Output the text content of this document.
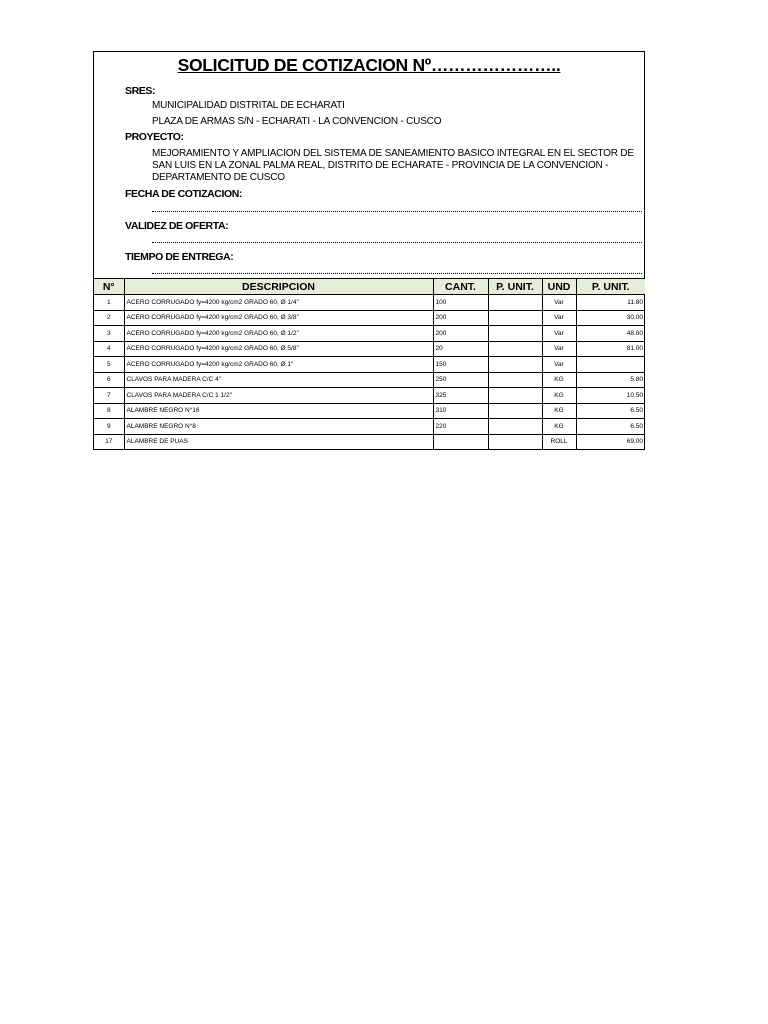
SOLICITUD DE COTIZACION Nº…………………..
SRES:
MUNICIPALIDAD DISTRITAL DE ECHARATI
PLAZA DE ARMAS S/N - ECHARATI - LA CONVENCION - CUSCO
PROYECTO:
MEJORAMIENTO Y AMPLIACION DEL SISTEMA DE SANEAMIENTO BASICO INTEGRAL EN EL SECTOR DE SAN LUIS EN LA ZONAL PALMA REAL, DISTRITO DE ECHARATE - PROVINCIA DE LA CONVENCION - DEPARTAMENTO DE CUSCO
FECHA DE COTIZACION:
VALIDEZ DE OFERTA:
TIEMPO DE ENTREGA:
N°	DESCRIPCION	CANT.	P. UNIT.	UND	P. UNIT.
1	ACERO CORRUGADO fy=4200 kg/cm2 GRADO 60, Ø 1/4"	100		Var	11.80
2	ACERO CORRUGADO fy=4200 kg/cm2 GRADO 60, Ø 3/8"	200		Var	30.00
3	ACERO CORRUGADO fy=4200 kg/cm2 GRADO 60, Ø 1/2"	200		Var	48.00
4	ACERO CORRUGADO fy=4200 kg/cm2 GRADO 60, Ø 5/8"	20		Var	81.00
5	ACERO CORRUGADO fy=4200 kg/cm2 GRADO 60, Ø 1"	150		Var	
6	CLAVOS PARA MADERA C/C 4"	250		KG	5.80
7	CLAVOS PARA MADERA C/C 1 1/2"	325		KG	10.50
8	ALAMBRE NEGRO N°16	310		KG	6.50
9	ALAMBRE NEGRO N°8	220		KG	6.50
17	ALAMBRE DE PUAS			ROLL	69.00
